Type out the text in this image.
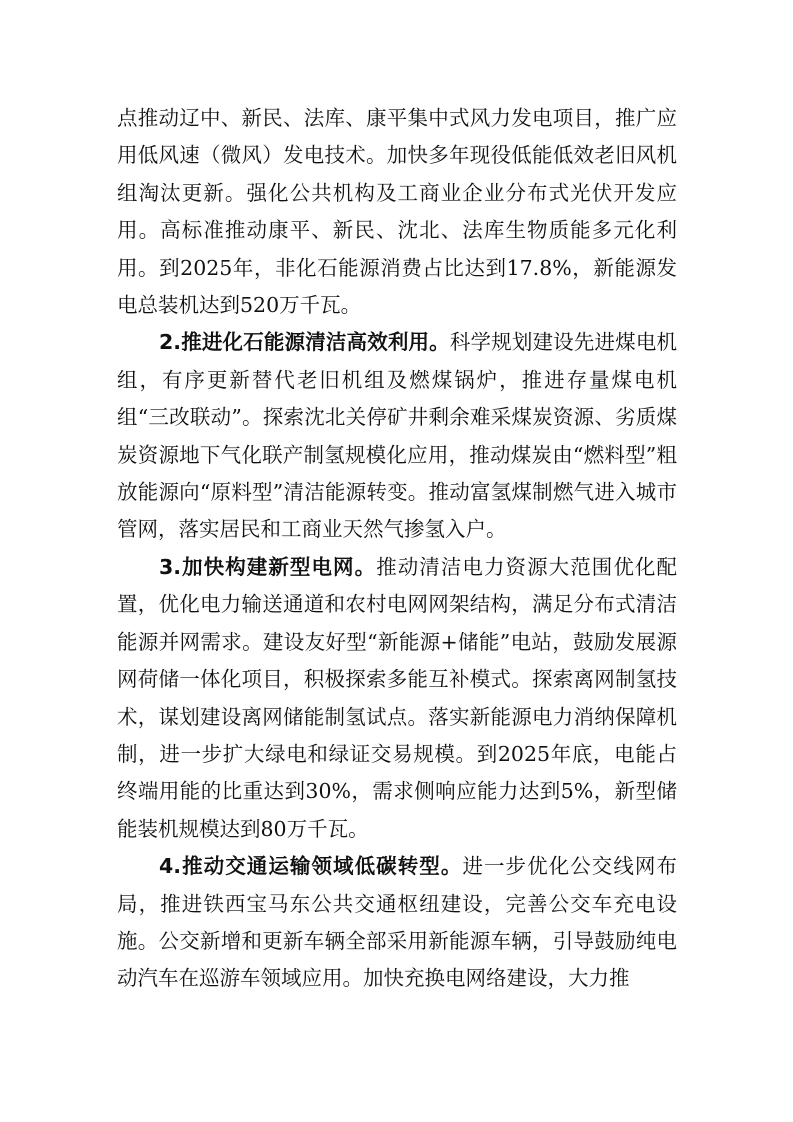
点推动辽中、新民、法库、康平集中式风力发电项目，推广应用低风速（微风）发电技术。加快多年现役低能低效老旧风机组淘汰更新。强化公共机构及工商业企业分布式光伏开发应用。高标准推动康平、新民、沈北、法库生物质能多元化利用。到2025年，非化石能源消费占比达到17.8%，新能源发电总装机达到520万千瓦。

2.推进化石能源清洁高效利用。科学规划建设先进煤电机组，有序更新替代老旧机组及燃煤锅炉，推进存量煤电机组“三改联动”。探索沈北关停矿井剩余难采煤炭资源、劣质煤炭资源地下气化联产制氢规模化应用，推动煤炭由“燃料型”粗放能源向“原料型”清洁能源转变。推动富氢煤制燃气进入城市管网，落实居民和工商业天然气掺氢入户。

3.加快构建新型电网。推动清洁电力资源大范围优化配置，优化电力输送通道和农村电网网架结构，满足分布式清洁能源并网需求。建设友好型“新能源+储能”电站，鼓励发展源网荷储一体化项目，积极探索多能互补模式。探索离网制氢技术，谋划建设离网储能制氢试点。落实新能源电力消纳保障机制，进一步扩大绿电和绿证交易规模。到2025年底，电能占终端用能的比重达到30%，需求侧响应能力达到5%，新型储能装机规模达到80万千瓦。

4.推动交通运输领域低碳转型。进一步优化公交线网布局，推进铁西宝马东公共交通枢纽建设，完善公交车充电设施。公交新增和更新车辆全部采用新能源车辆，引导鼓励纯电动汽车在巡游车领域应用。加快充换电网络建设，大力推
